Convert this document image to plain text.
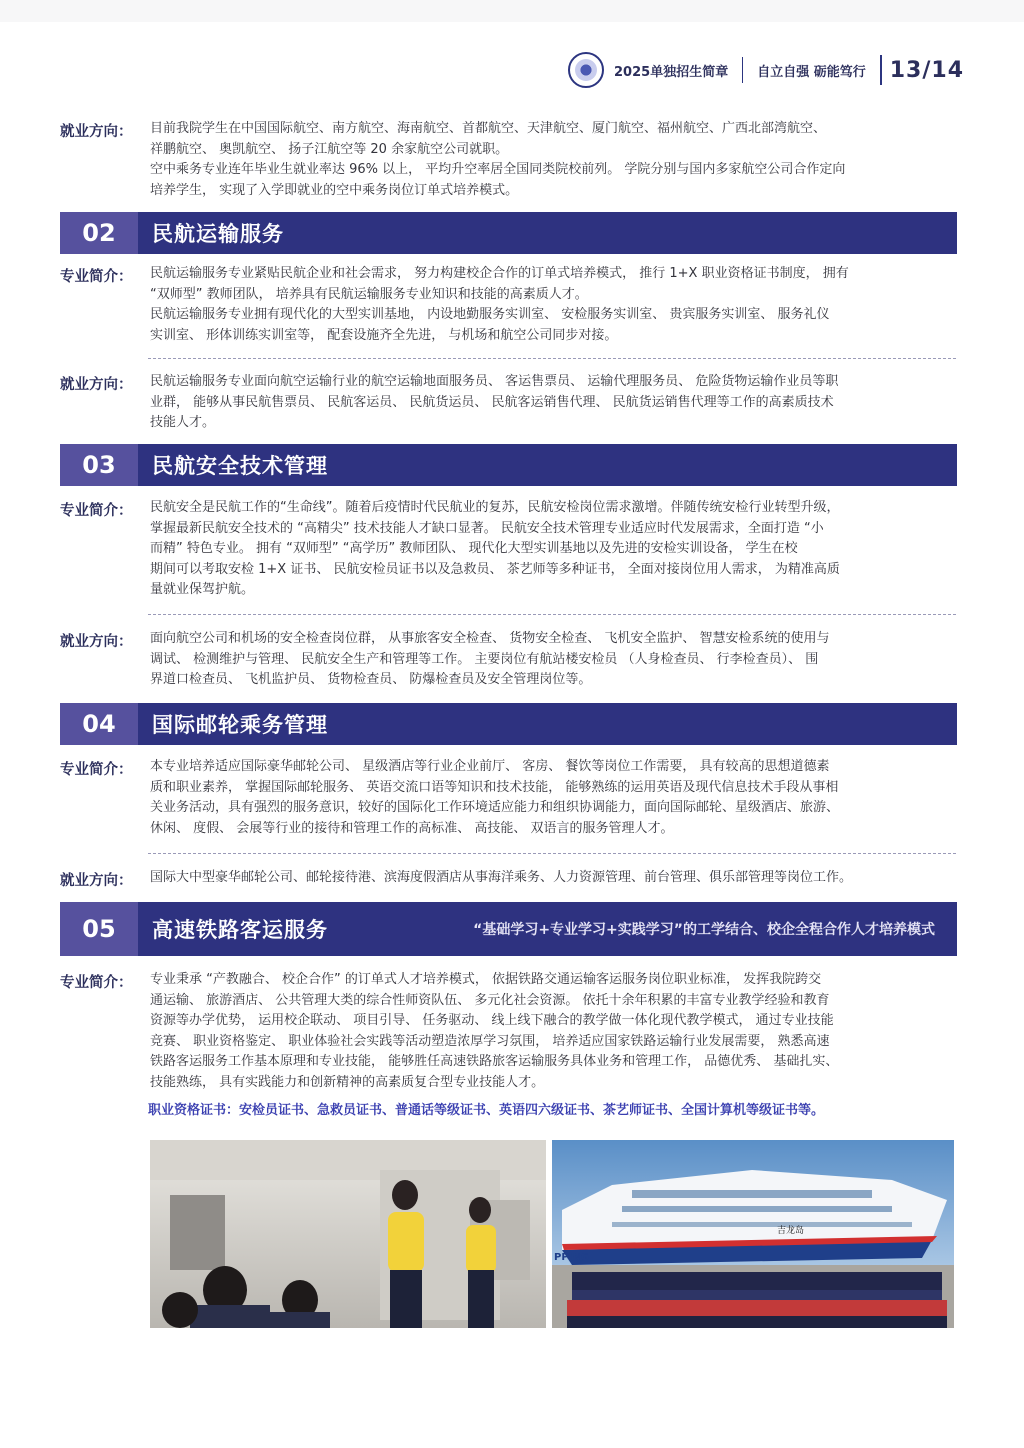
2025单独招生简章 自立自强 砺能笃行 13/14
就业方向： 目前我院学生在中国国际航空、南方航空、海南航空、首都航空、天津航空、厦门航空、福州航空、广西北部湾航空、

祥鹏航空、 奥凯航空、 扬子江航空等 20 余家航空公司就职。

空中乘务专业连年毕业生就业率达 96% 以上， 平均升空率居全国同类院校前列。 学院分别与国内多家航空公司合作定向

培养学生， 实现了入学即就业的空中乘务岗位订单式培养模式。

02	民航运输服务
专业简介： 民航运输服务专业紧贴民航企业和社会需求， 努力构建校企合作的订单式培养模式， 推行 1+X 职业资格证书制度， 拥有

“双师型” 教师团队， 培养具有民航运输服务专业知识和技能的高素质人才。

民航运输服务专业拥有现代化的大型实训基地， 内设地勤服务实训室、 安检服务实训室、 贵宾服务实训室、 服务礼仪

实训室、 形体训练实训室等， 配套设施齐全先进， 与机场和航空公司同步对接。

就业方向： 民航运输服务专业面向航空运输行业的航空运输地面服务员、 客运售票员、 运输代理服务员、 危险货物运输作业员等职

业群， 能够从事民航售票员、 民航客运员、 民航货运员、 民航客运销售代理、 民航货运销售代理等工作的高素质技术

技能人才。

03	民航安全技术管理
专业简介： 民航安全是民航工作的“生命线”。随着后疫情时代民航业的复苏，民航安检岗位需求激增。伴随传统安检行业转型升级，

掌握最新民航安全技术的 “高精尖” 技术技能人才缺口显著。 民航安全技术管理专业适应时代发展需求，全面打造 “小

而精” 特色专业。 拥有 “双师型” “高学历” 教师团队、 现代化大型实训基地以及先进的安检实训设备， 学生在校

期间可以考取安检 1+X 证书、 民航安检员证书以及急救员、 茶艺师等多种证书， 全面对接岗位用人需求， 为精准高质

量就业保驾护航。

就业方向： 面向航空公司和机场的安全检查岗位群， 从事旅客安全检查、 货物安全检查、 飞机安全监护、 智慧安检系统的使用与

调试、 检测维护与管理、 民航安全生产和管理等工作。 主要岗位有航站楼安检员 （人身检查员、 行李检查员）、 围

界道口检查员、 飞机监护员、 货物检查员、 防爆检查员及安全管理岗位等。

04	国际邮轮乘务管理
专业简介： 本专业培养适应国际豪华邮轮公司、 星级酒店等行业企业前厅、 客房、 餐饮等岗位工作需要， 具有较高的思想道德素

质和职业素养， 掌握国际邮轮服务、 英语交流口语等知识和技术技能， 能够熟练的运用英语及现代信息技术手段从事相

关业务活动，具有强烈的服务意识，较好的国际化工作环境适应能力和组织协调能力，面向国际邮轮、星级酒店、旅游、

休闲、 度假、 会展等行业的接待和管理工作的高标准、 高技能、 双语言的服务管理人才。

就业方向： 国际大中型豪华邮轮公司、邮轮接待港、滨海度假酒店从事海洋乘务、人力资源管理、前台管理、俱乐部管理等岗位工作。

05	高速铁路客运服务	“基础学习+专业学习+实践学习”的工学结合、校企全程合作人才培养模式
专业简介： 专业秉承 “产教融合、 校企合作” 的订单式人才培养模式， 依据铁路交通运输客运服务岗位职业标准， 发挥我院跨交

通运输、 旅游酒店、 公共管理大类的综合性师资队伍、 多元化社会资源。 依托十余年积累的丰富专业教学经验和教育

资源等办学优势， 运用校企联动、 项目引导、 任务驱动、 线上线下融合的教学做一体化现代教学模式， 通过专业技能

竞赛、 职业资格鉴定、 职业体验社会实践等活动塑造浓厚学习氛围， 培养适应国家铁路运输行业发展需要， 熟悉高速

铁路客运服务工作基本原理和专业技能， 能够胜任高速铁路旅客运输服务具体业务和管理工作， 品德优秀、 基础扎实、

技能熟练， 具有实践能力和创新精神的高素质复合型专业技能人才。

职业资格证书：安检员证书、急救员证书、普通话等级证书、英语四六级证书、茶艺师证书、全国计算机等级证书等。
吉龙岛
PPING
